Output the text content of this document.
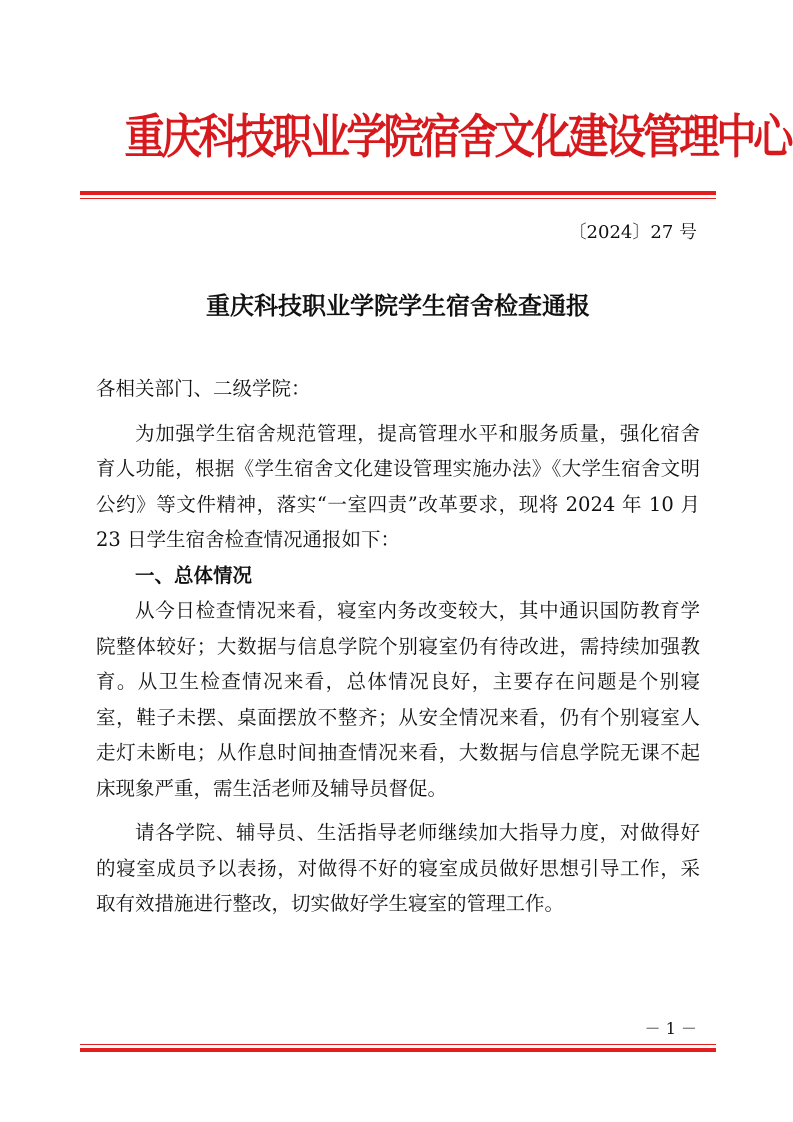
重庆科技职业学院宿舍文化建设管理中心
〔2024〕27 号
重庆科技职业学院学生宿舍检查通报

各相关部门、二级学院：

为加强学生宿舍规范管理，提高管理水平和服务质量，强化宿舍育人功能，根据《学生宿舍文化建设管理实施办法》《大学生宿舍文明公约》等文件精神，落实“一室四责”改革要求，现将 2024 年 10 月 23 日学生宿舍检查情况通报如下：

一、总体情况

从今日检查情况来看，寝室内务改变较大，其中通识国防教育学院整体较好；大数据与信息学院个别寝室仍有待改进，需持续加强教育。从卫生检查情况来看，总体情况良好，主要存在问题是个别寝室，鞋子未摆、桌面摆放不整齐；从安全情况来看，仍有个别寝室人走灯未断电；从作息时间抽查情况来看，大数据与信息学院无课不起床现象严重，需生活老师及辅导员督促。

请各学院、辅导员、生活指导老师继续加大指导力度，对做得好的寝室成员予以表扬，对做得不好的寝室成员做好思想引导工作，采取有效措施进行整改，切实做好学生寝室的管理工作。

－ 1 －
